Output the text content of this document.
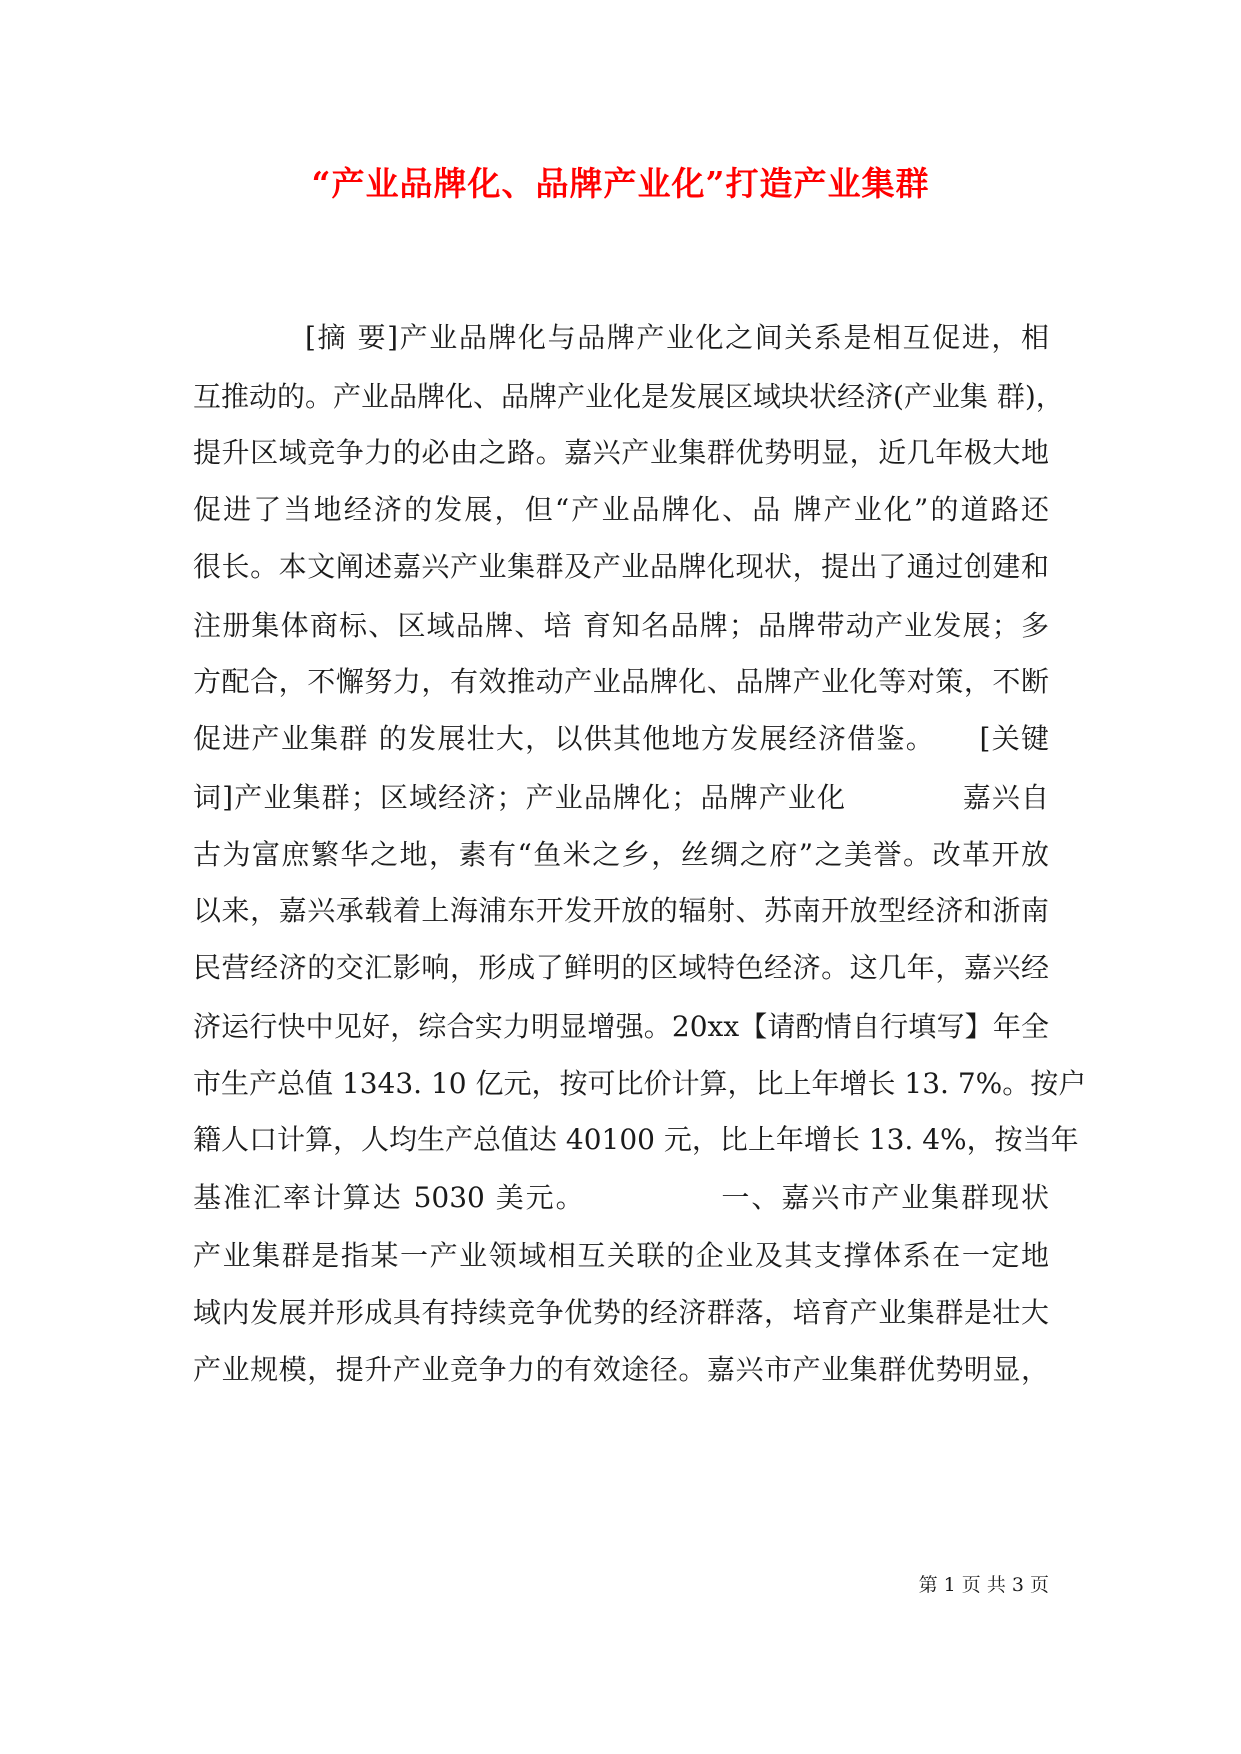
“产业品牌化、品牌产业化”打造产业集群
[摘 要]产业品牌化与品牌产业化之间关系是相互促进，相
互推动的。产业品牌化、品牌产业化是发展区域块状经济(产业集 群)，
提升区域竞争力的必由之路。嘉兴产业集群优势明显，近几年极大地
促进了当地经济的发展，但“产业品牌化、品 牌产业化”的道路还
很长。本文阐述嘉兴产业集群及产业品牌化现状，提出了通过创建和
注册集体商标、区域品牌、培 育知名品牌；品牌带动产业发展；多
方配合，不懈努力，有效推动产业品牌化、品牌产业化等对策，不断
促进产业集群 的发展壮大，以供其他地方发展经济借鉴。　　[关键
词]产业集群；区域经济；产业品牌化；品牌产业化　　　　嘉兴自
古为富庶繁华之地，素有“鱼米之乡，丝绸之府”之美誉。改革开放
以来，嘉兴承载着上海浦东开发开放的辐射、苏南开放型经济和浙南
民营经济的交汇影响，形成了鲜明的区域特色经济。这几年，嘉兴经
济运行快中见好，综合实力明显增强。20xx【请酌情自行填写】年全
市生产总值 1343. 10 亿元，按可比价计算，比上年增长 13. 7%。按户
籍人口计算，人均生产总值达 40100 元，比上年增长 13. 4%，按当年
基准汇率计算达 5030 美元。　　　　　一、嘉兴市产业集群现状
产业集群是指某一产业领域相互关联的企业及其支撑体系在一定地
域内发展并形成具有持续竞争优势的经济群落，培育产业集群是壮大
产业规模，提升产业竞争力的有效途径。嘉兴市产业集群优势明显，
第 1 页 共 3 页
